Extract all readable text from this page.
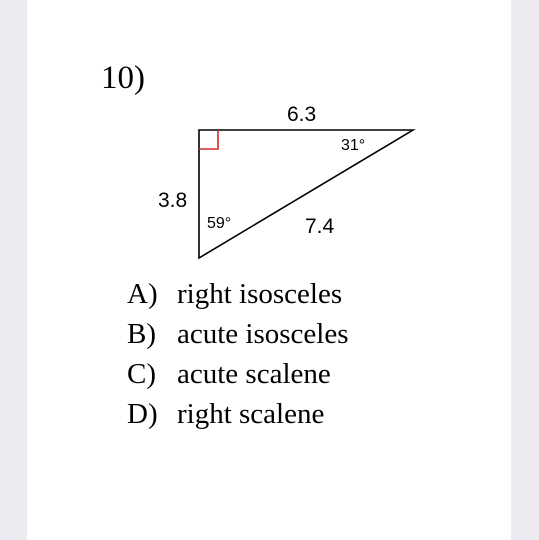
10)
6.3
3.8
7.4
31°
59°
A) right isosceles
B) acute isosceles
C) acute scalene
D) right scalene
